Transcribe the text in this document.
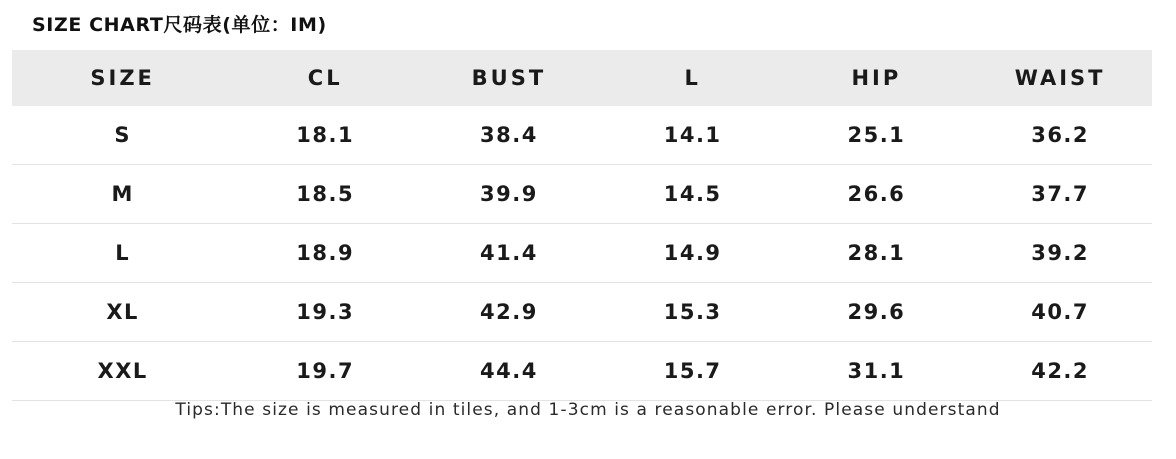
SIZE CHART尺码表(单位：IM)
SIZE	CL	BUST	L	HIP	WAIST
S	18.1	38.4	14.1	25.1	36.2
M	18.5	39.9	14.5	26.6	37.7
L	18.9	41.4	14.9	28.1	39.2
XL	19.3	42.9	15.3	29.6	40.7
XXL	19.7	44.4	15.7	31.1	42.2
Tips:The size is measured in tiles, and 1-3cm is a reasonable error. Please understand
